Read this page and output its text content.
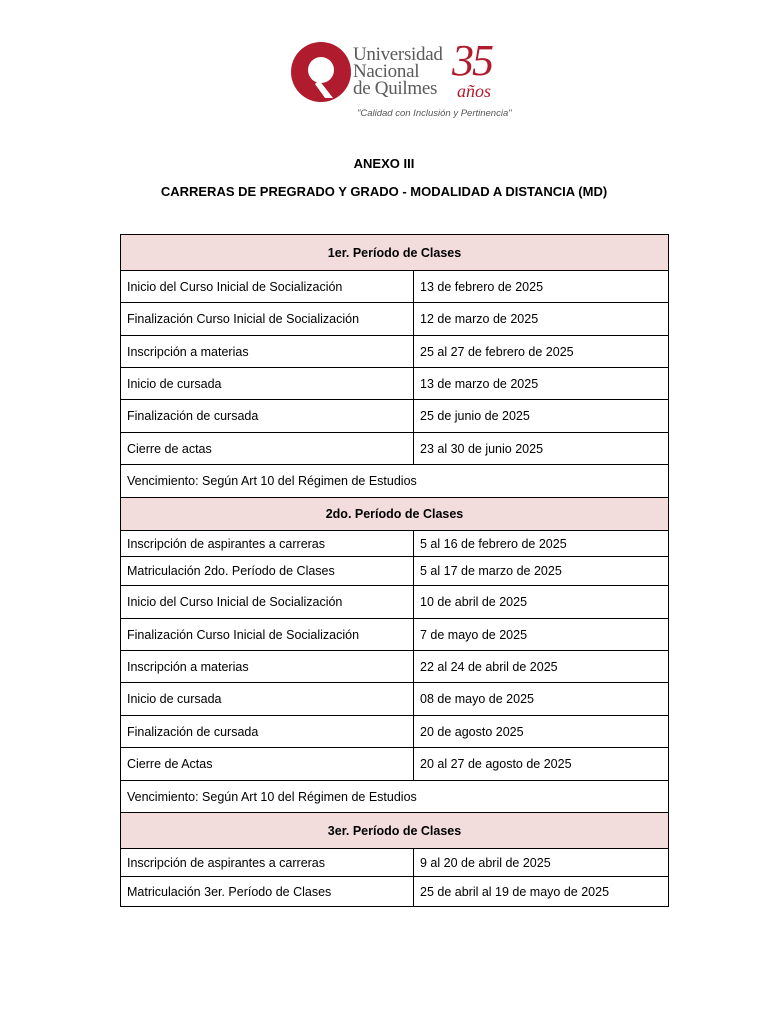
Universidad
Nacional
de Quilmes
35
años
"Calidad con Inclusión y Pertinencia"
ANEXO III
CARRERAS DE PREGRADO Y GRADO - MODALIDAD A DISTANCIA (MD)
1er. Período de Clases	
Inicio del Curso Inicial de Socialización	13 de febrero de 2025
Finalización Curso Inicial de Socialización	12 de marzo de 2025
Inscripción a materias	25 al 27 de febrero de 2025
Inicio de cursada	13 de marzo de 2025
Finalización de cursada	25 de junio de 2025
Cierre de actas	23 al 30 de junio 2025
Vencimiento: Según Art 10 del Régimen de Estudios	
2do. Período de Clases	
Inscripción de aspirantes a carreras	5 al 16 de febrero de 2025
Matriculación 2do. Período de Clases	5 al 17 de marzo de 2025
Inicio del Curso Inicial de Socialización	10 de abril de 2025
Finalización Curso Inicial de Socialización	7 de mayo de 2025
Inscripción a materias	22 al 24 de abril de 2025
Inicio de cursada	08 de mayo de 2025
Finalización de cursada	20 de agosto 2025
Cierre de Actas	20 al 27 de agosto de 2025
Vencimiento: Según Art 10 del Régimen de Estudios	
3er. Período de Clases	
Inscripción de aspirantes a carreras	9 al 20 de abril de 2025
Matriculación 3er. Período de Clases	25 de abril al 19 de mayo de 2025
